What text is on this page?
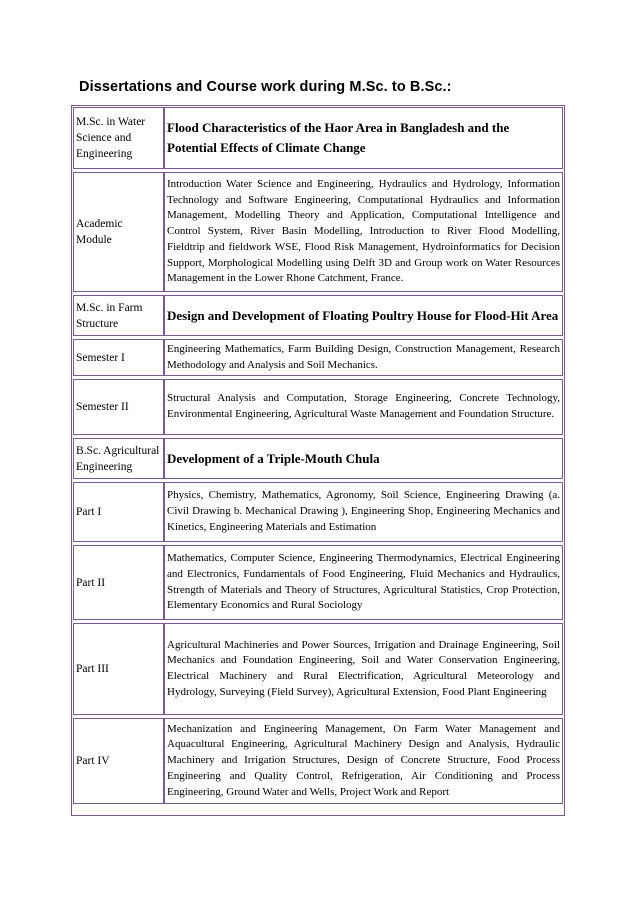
Dissertations and Course work during M.Sc. to B.Sc.:
M.Sc. in Water Science and Engineering	Flood Characteristics of the Haor Area in Bangladesh and the Potential Effects of Climate Change
Academic Module	Introduction Water Science and Engineering, Hydraulics and Hydrology, Information Technology and Software Engineering, Computational Hydraulics and Information Management, Modelling Theory and Application, Computational Intelligence and Control System, River Basin Modelling, Introduction to River Flood Modelling, Fieldtrip and fieldwork WSE, Flood Risk Management, Hydroinformatics for Decision Support, Morphological Modelling using Delft 3D and Group work on Water Resources Management in the Lower Rhone Catchment, France.
M.Sc. in Farm Structure	Design and Development of Floating Poultry House for Flood-Hit Area
Semester I	Engineering Mathematics, Farm Building Design, Construction Management, Research Methodology and Analysis and Soil Mechanics.
Semester II	Structural Analysis and Computation, Storage Engineering, Concrete Technology, Environmental Engineering, Agricultural Waste Management and Foundation Structure.
B.Sc. Agricultural Engineering	Development of a Triple-Mouth Chula
Part I	Physics, Chemistry, Mathematics, Agronomy, Soil Science, Engineering Drawing (a. Civil Drawing b. Mechanical Drawing ), Engineering Shop, Engineering Mechanics and Kinetics, Engineering Materials and Estimation
Part II	Mathematics, Computer Science, Engineering Thermodynamics, Electrical Engineering and Electronics, Fundamentals of Food Engineering, Fluid Mechanics and Hydraulics, Strength of Materials and Theory of Structures, Agricultural Statistics, Crop Protection, Elementary Economics and Rural Sociology
Part III	Agricultural Machineries and Power Sources, Irrigation and Drainage Engineering, Soil Mechanics and Foundation Engineering, Soil and Water Conservation Engineering, Electrical Machinery and Rural Electrification, Agricultural Meteorology and Hydrology, Surveying (Field Survey), Agricultural Extension, Food Plant Engineering
Part IV	Mechanization and Engineering Management, On Farm Water Management and Aquacultural Engineering, Agricultural Machinery Design and Analysis, Hydraulic Machinery and Irrigation Structures, Design of Concrete Structure, Food Process Engineering and Quality Control, Refrigeration, Air Conditioning and Process Engineering, Ground Water and Wells, Project Work and Report
